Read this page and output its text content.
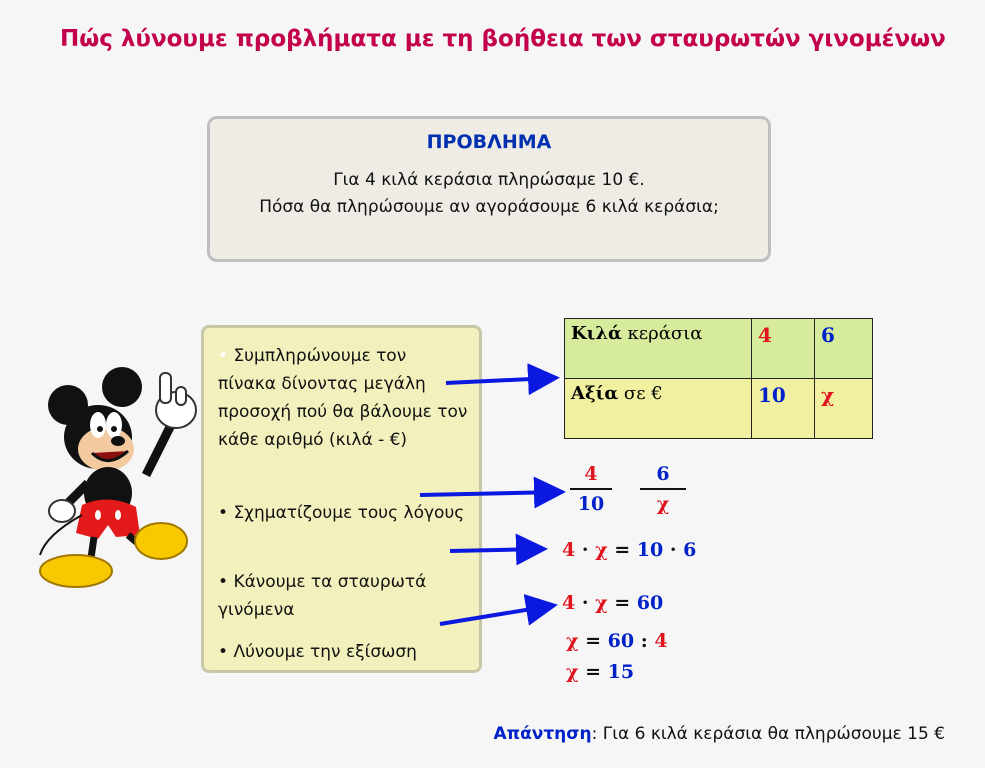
Πώς λύνουμε προβλήματα με τη βοήθεια των σταυρωτών γινομένων
ΠΡΟΒΛΗΜΑ
Για 4 κιλά κεράσια πληρώσαμε 10 €.
Πόσα θα πληρώσουμε αν αγοράσουμε 6 κιλά κεράσια;

• Συμπληρώνουμε τον πίνακα δίνοντας μεγάλη προσοχή πού θα βάλουμε τον κάθε αριθμό (κιλά - €)

• Σχηματίζουμε τους λόγους

• Κάνουμε τα σταυρωτά γινόμενα

• Λύνουμε την εξίσωση

Κιλά κεράσια	4	6
Αξία σε €	10	χ
4
10
6
χ
4 · χ = 10 · 6
4 · χ = 60
χ = 60 : 4
χ = 15
Απάντηση: Για 6 κιλά κεράσια θα πληρώσουμε 15 €
